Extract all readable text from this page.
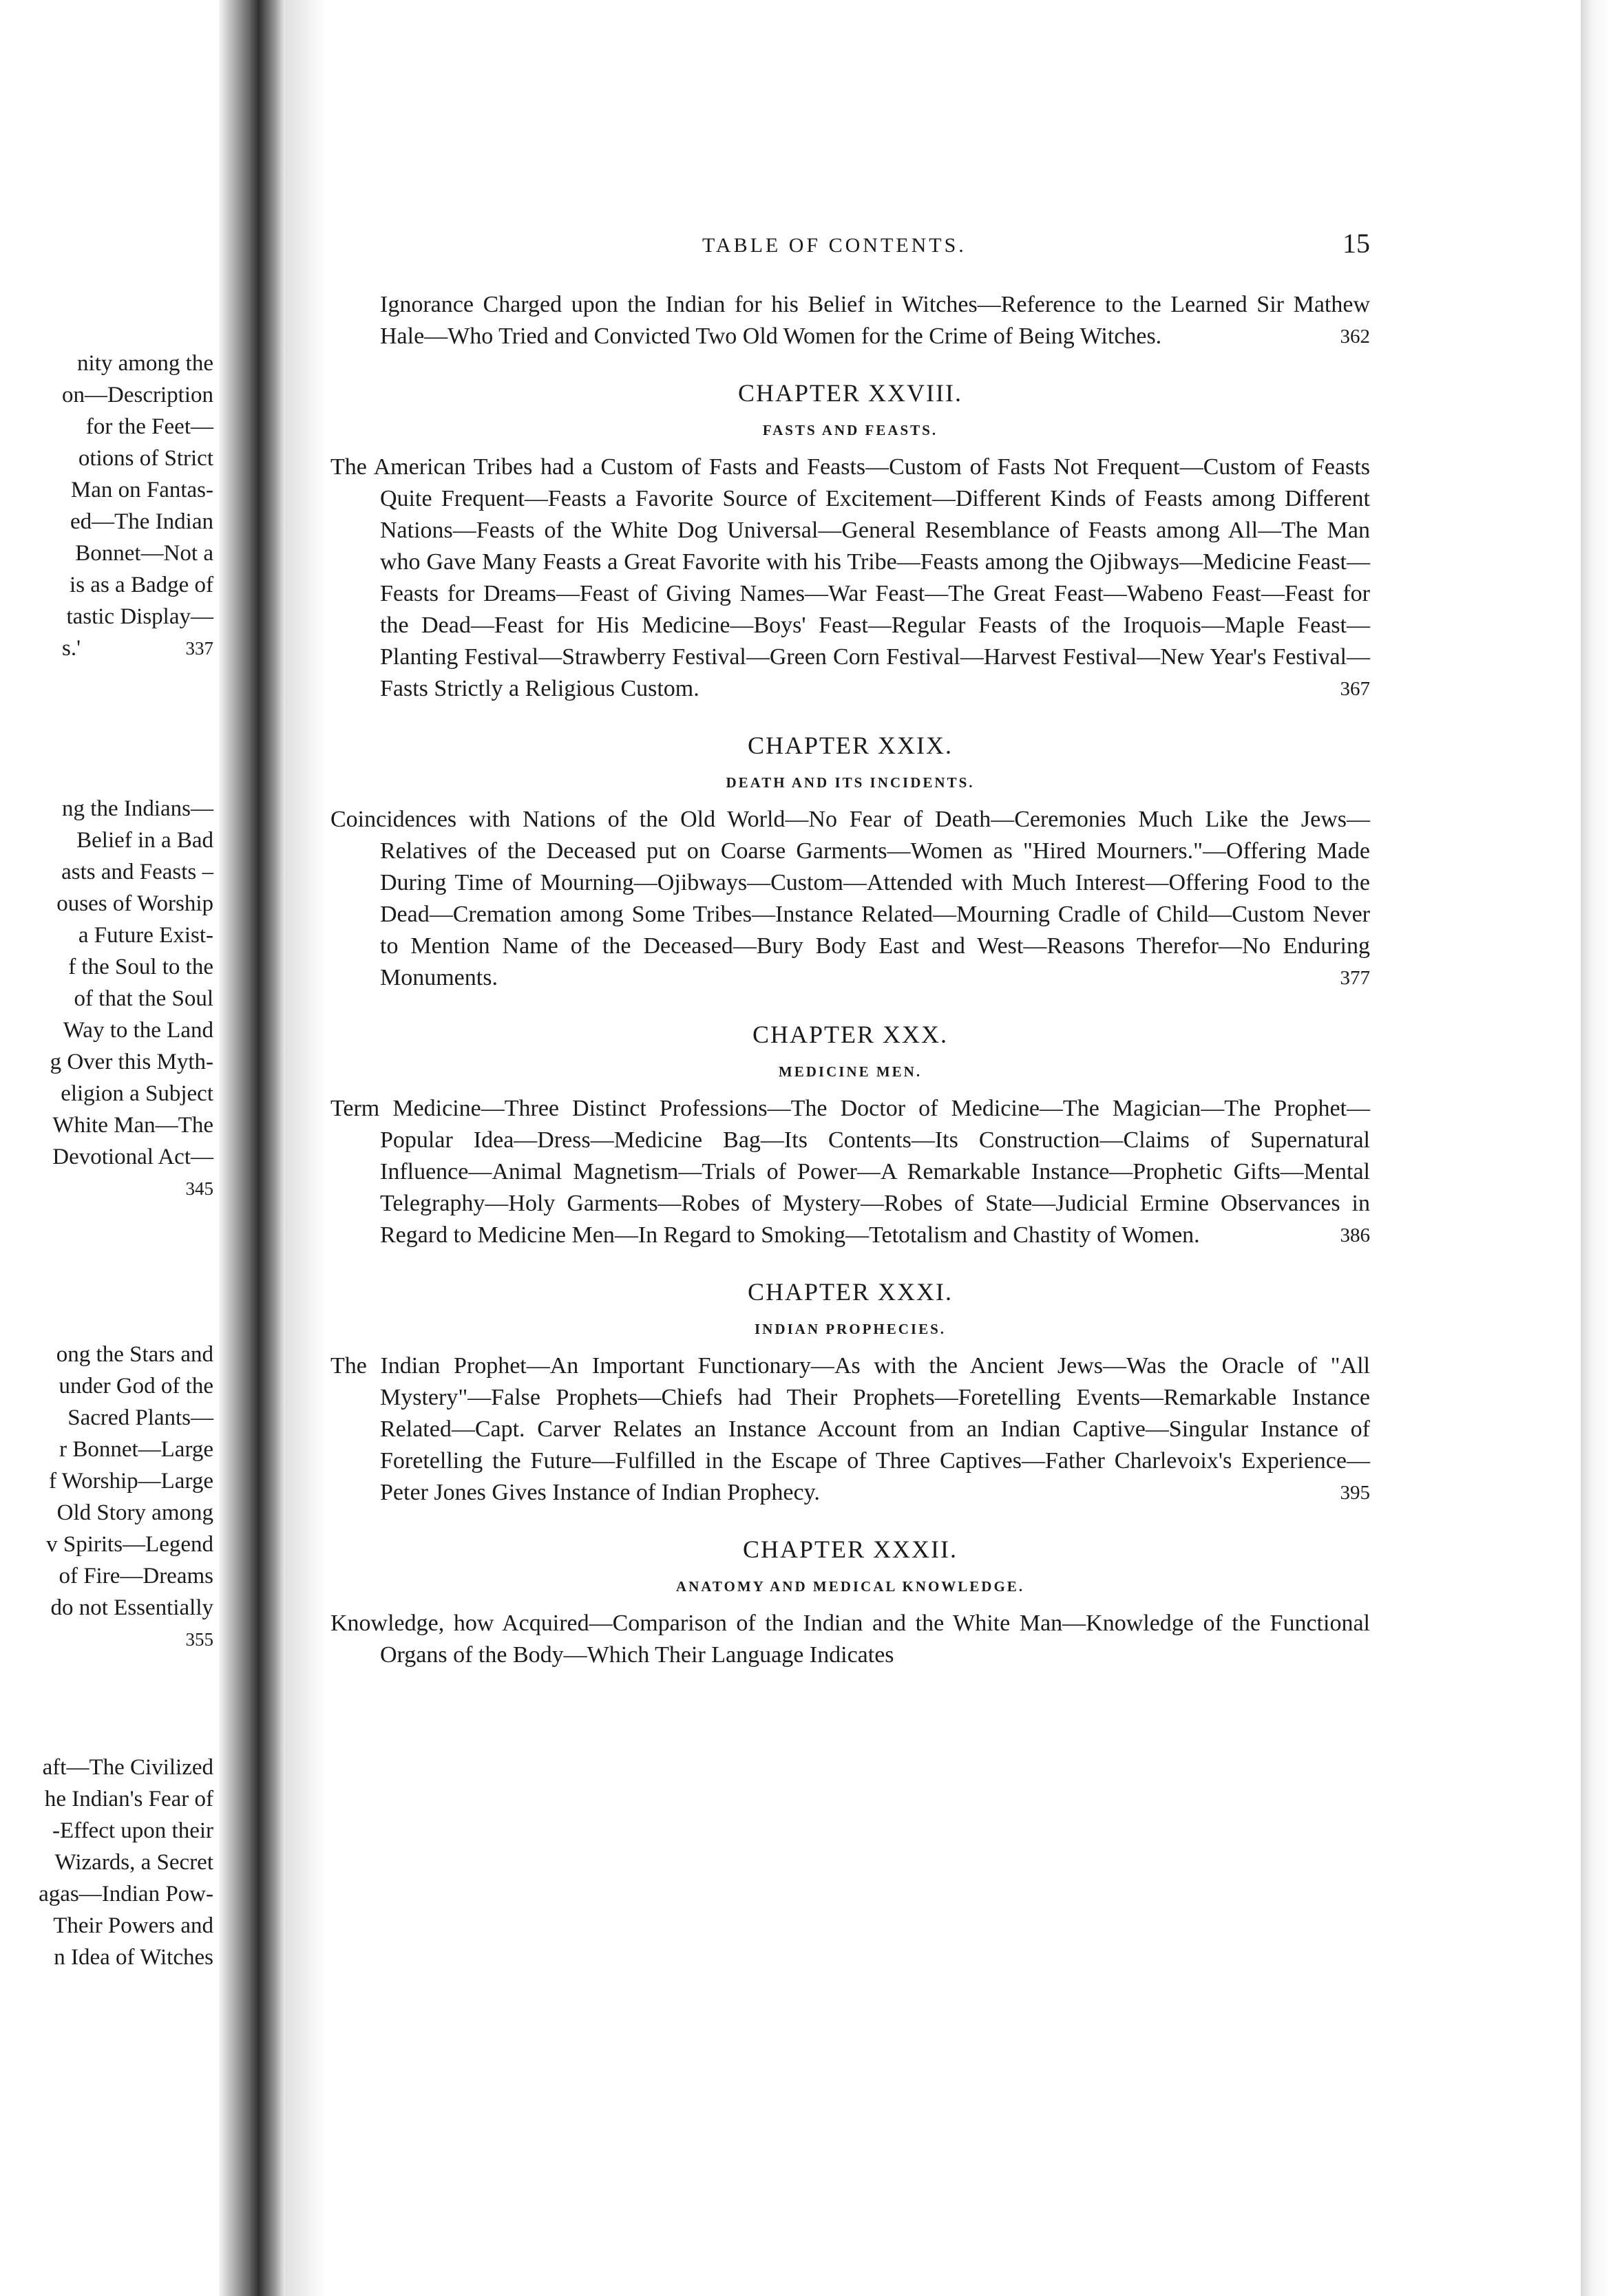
nity among the
on—Description
for the Feet—
otions of Strict
Man on Fantas-
ed—The Indian
Bonnet—Not a
is as a Badge of
tastic Display—
s.'	337
ng the Indians—
Belief in a Bad
asts and Feasts –
ouses of Worship
a Future Exist-
f the Soul to the
of that the Soul
Way to the Land
g Over this Myth-
eligion a Subject
White Man—The
Devotional Act—
345
ong the Stars and
under God of the
Sacred Plants—
r Bonnet—Large
f Worship—Large
Old Story among
v Spirits—Legend
of Fire—Dreams
do not Essentially
355
aft—The Civilized
he Indian's Fear of
-Effect upon their
Wizards, a Secret
agas—Indian Pow-
Their Powers and
n Idea of Witches
TABLE OF CONTENTS.	15

Ignorance Charged upon the Indian for his Belief in Witches—Reference to the Learned Sir Mathew Hale—Who Tried and Convicted Two Old Women for the Crime of Being Witches.	362

CHAPTER XXVIII.
FASTS AND FEASTS.

The American Tribes had a Custom of Fasts and Feasts—Custom of Fasts Not Frequent—Custom of Feasts Quite Frequent—Feasts a Favorite Source of Excitement—Different Kinds of Feasts among Different Nations—Feasts of the White Dog Universal—General Resemblance of Feasts among All—The Man who Gave Many Feasts a Great Favorite with his Tribe—Feasts among the Ojibways—Medicine Feast—Feasts for Dreams—Feast of Giving Names—War Feast—The Great Feast—Wabeno Feast—Feast for the Dead—Feast for His Medicine—Boys' Feast—Regular Feasts of the Iroquois—Maple Feast—Planting Festival—Strawberry Festival—Green Corn Festival—Harvest Festival—New Year's Festival—Fasts Strictly a Religious Custom.	367

CHAPTER XXIX.
DEATH AND ITS INCIDENTS.

Coincidences with Nations of the Old World—No Fear of Death—Ceremonies Much Like the Jews—Relatives of the Deceased put on Coarse Garments—Women as "Hired Mourners."—Offering Made During Time of Mourning—Ojibways—Custom—Attended with Much Interest—Offering Food to the Dead—Cremation among Some Tribes—Instance Related—Mourning Cradle of Child—Custom Never to Mention Name of the Deceased—Bury Body East and West—Reasons Therefor—No Enduring Monuments.	377

CHAPTER XXX.
MEDICINE MEN.

Term Medicine—Three Distinct Professions—The Doctor of Medicine—The Magician—The Prophet—Popular Idea—Dress—Medicine Bag—Its Contents—Its Construction—Claims of Supernatural Influence—Animal Magnetism—Trials of Power—A Remarkable Instance—Prophetic Gifts—Mental Telegraphy—Holy Garments—Robes of Mystery—Robes of State—Judicial Ermine Observances in Regard to Medicine Men—In Regard to Smoking—Tetotalism and Chastity of Women.	386

CHAPTER XXXI.
INDIAN PROPHECIES.

The Indian Prophet—An Important Functionary—As with the Ancient Jews—Was the Oracle of "All Mystery"—False Prophets—Chiefs had Their Prophets—Foretelling Events—Remarkable Instance Related—Capt. Carver Relates an Instance Account from an Indian Captive—Singular Instance of Foretelling the Future—Fulfilled in the Escape of Three Captives—Father Charlevoix's Experience—Peter Jones Gives Instance of Indian Prophecy.	395

CHAPTER XXXII.
ANATOMY AND MEDICAL KNOWLEDGE.

Knowledge, how Acquired—Comparison of the Indian and the White Man—Knowledge of the Functional Organs of the Body—Which Their Language Indicates
